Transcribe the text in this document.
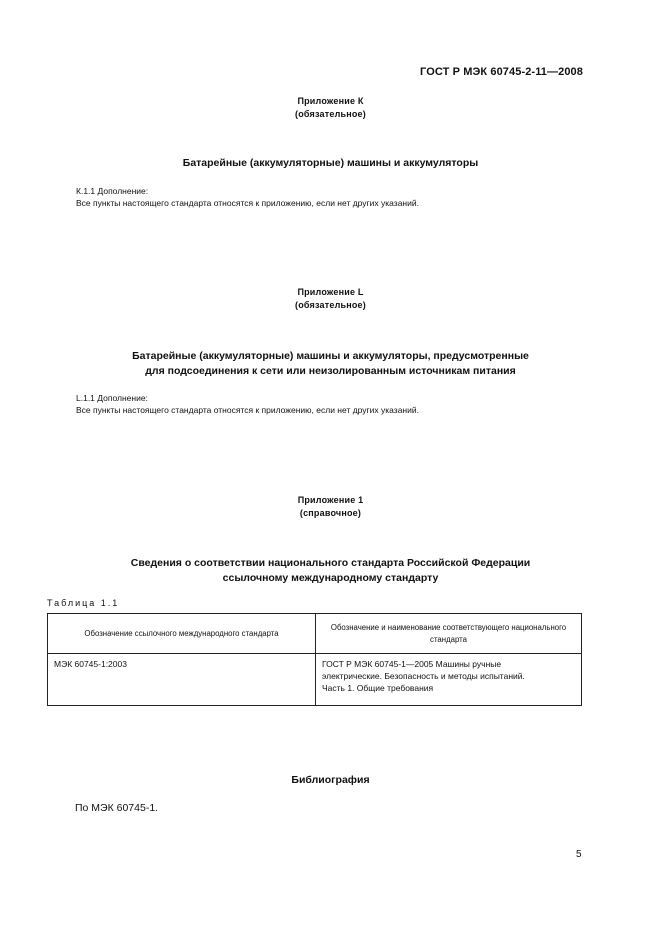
ГОСТ Р МЭК 60745-2-11—2008
Приложение К
(обязательное)
Батарейные (аккумуляторные) машины и аккумуляторы
К.1.1 Дополнение:
Все пункты настоящего стандарта относятся к приложению, если нет других указаний.
Приложение L
(обязательное)
Батарейные (аккумуляторные) машины и аккумуляторы, предусмотренные
для подсоединения к сети или неизолированным источникам питания
L.1.1 Дополнение:
Все пункты настоящего стандарта относятся к приложению, если нет других указаний.
Приложение 1
(справочное)
Сведения о соответствии национального стандарта Российской Федерации
ссылочному международному стандарту
Таблица 1.1
Обозначение ссылочного международного стандарта	Обозначение и наименование соответствующего национального стандарта
МЭК 60745-1:2003	ГОСТ Р МЭК 60745-1—2005 Машины ручные
электрические. Безопасность и методы испытаний.
Часть 1. Общие требования
Библиография
По МЭК 60745-1.
5
